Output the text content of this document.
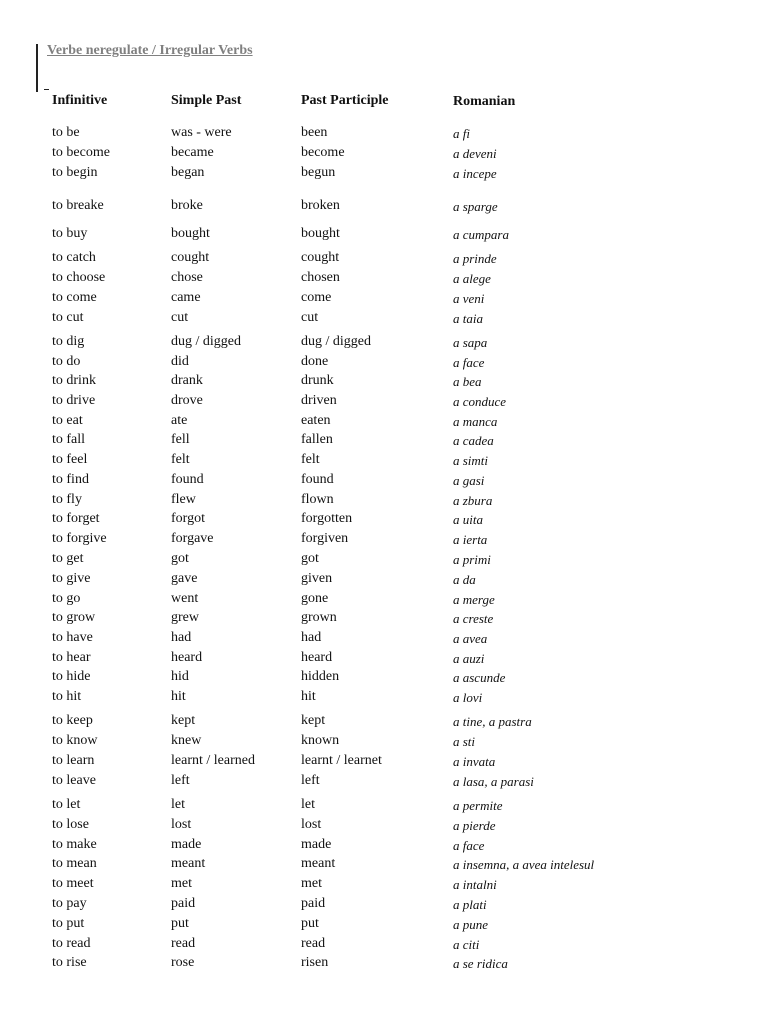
Verbe neregulate / Irregular Verbs
Infinitive	Simple Past	Past Participle	Romanian
to be	was - were	been	a fi
to become	became	become	a deveni
to begin	began	begun	a incepe
to breake	broke	broken	a sparge
to buy	bought	bought	a cumpara
to catch	cought	cought	a prinde
to choose	chose	chosen	a alege
to come	came	come	a veni
to cut	cut	cut	a taia
to dig	dug / digged	dug / digged	a sapa
to do	did	done	a face
to drink	drank	drunk	a bea
to drive	drove	driven	a conduce
to eat	ate	eaten	a manca
to fall	fell	fallen	a cadea
to feel	felt	felt	a simti
to find	found	found	a gasi
to fly	flew	flown	a zbura
to forget	forgot	forgotten	a uita
to forgive	forgave	forgiven	a ierta
to get	got	got	a primi
to give	gave	given	a da
to go	went	gone	a merge
to grow	grew	grown	a creste
to have	had	had	a avea
to hear	heard	heard	a auzi
to hide	hid	hidden	a ascunde
to hit	hit	hit	a lovi
to keep	kept	kept	a tine, a pastra
to know	knew	known	a sti
to learn	learnt / learned	learnt / learnet	a invata
to leave	left	left	a lasa, a parasi
to let	let	let	a permite
to lose	lost	lost	a pierde
to make	made	made	a face
to mean	meant	meant	a insemna, a avea intelesul
to meet	met	met	a intalni
to pay	paid	paid	a plati
to put	put	put	a pune
to read	read	read	a citi
to rise	rose	risen	a se ridica
